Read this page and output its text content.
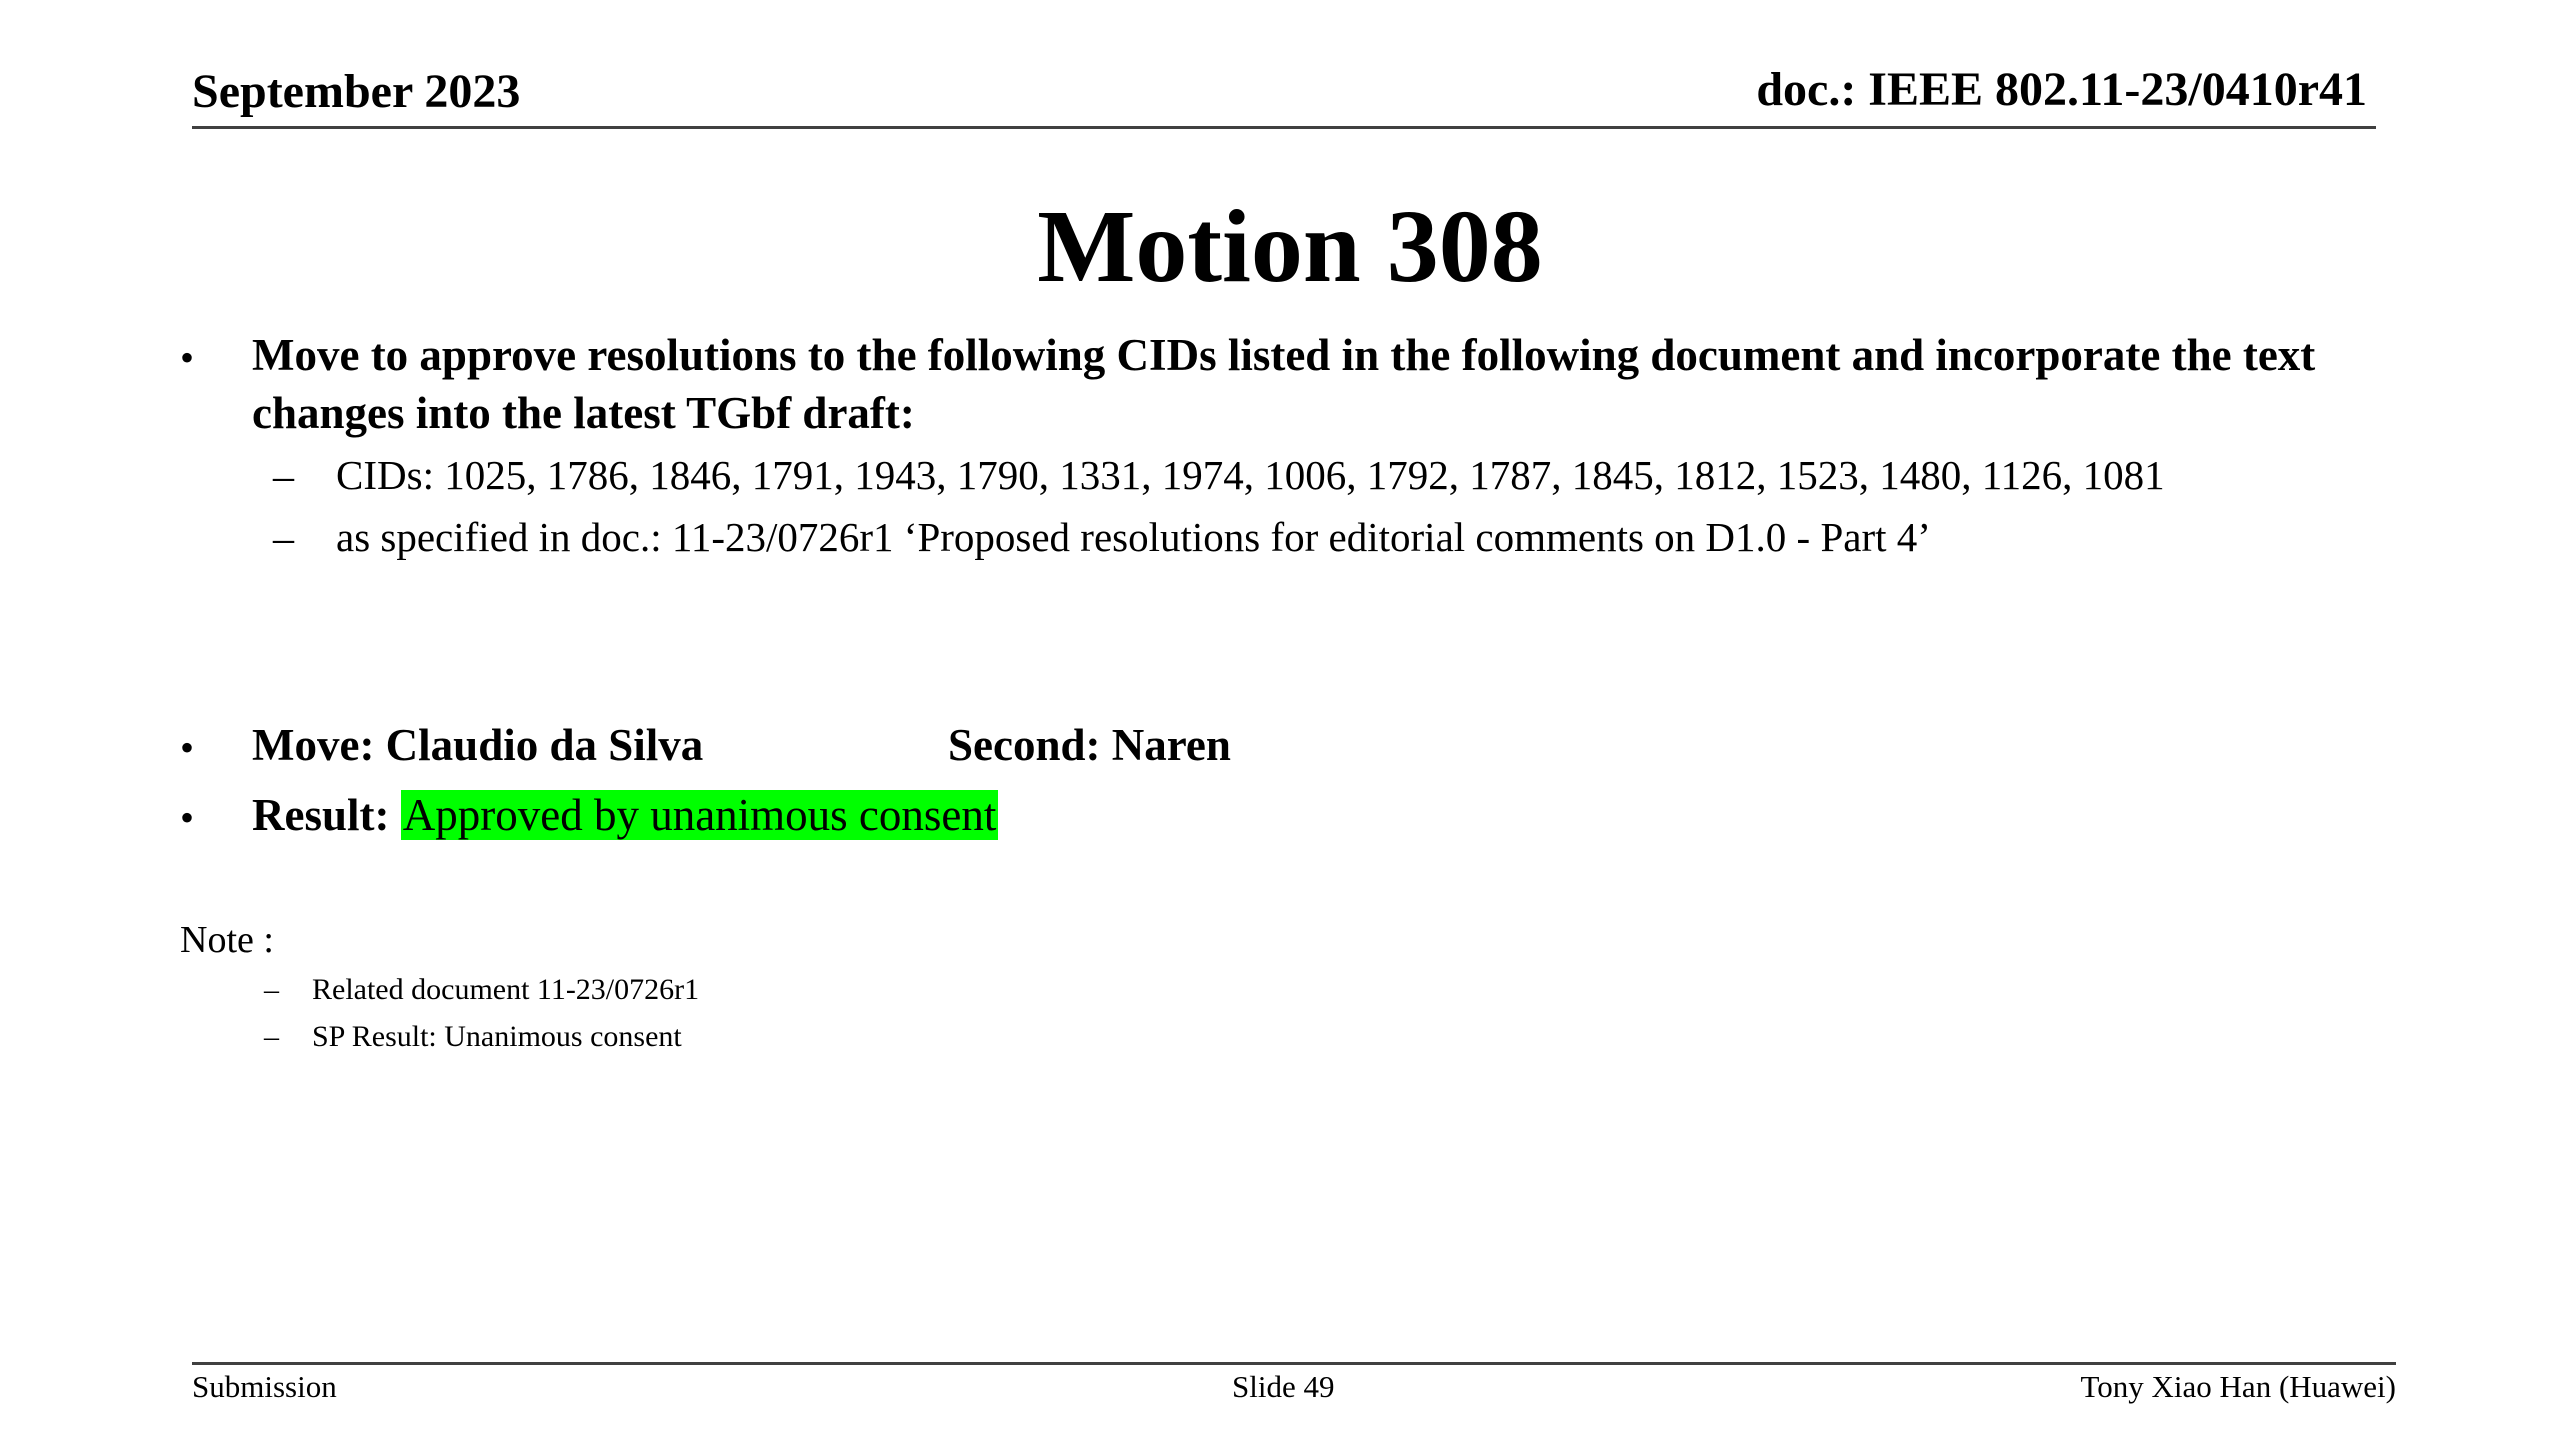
September 2023	doc.: IEEE 802.11-23/0410r41
Motion 308
• Move to approve resolutions to the following CIDs listed in the following document and incorporate the text changes into the latest TGbf draft:
– CIDs: 1025, 1786, 1846, 1791, 1943, 1790, 1331, 1974, 1006, 1792, 1787, 1845, 1812, 1523, 1480, 1126, 1081
– as specified in doc.: 11-23/0726r1 ‘Proposed resolutions for editorial comments on D1.0 - Part 4’
• Move: Claudio da Silva	Second: Naren
• Result: Approved by unanimous consent
Note :
– Related document 11-23/0726r1
– SP Result: Unanimous consent
Submission	Slide 49	Tony Xiao Han (Huawei)
